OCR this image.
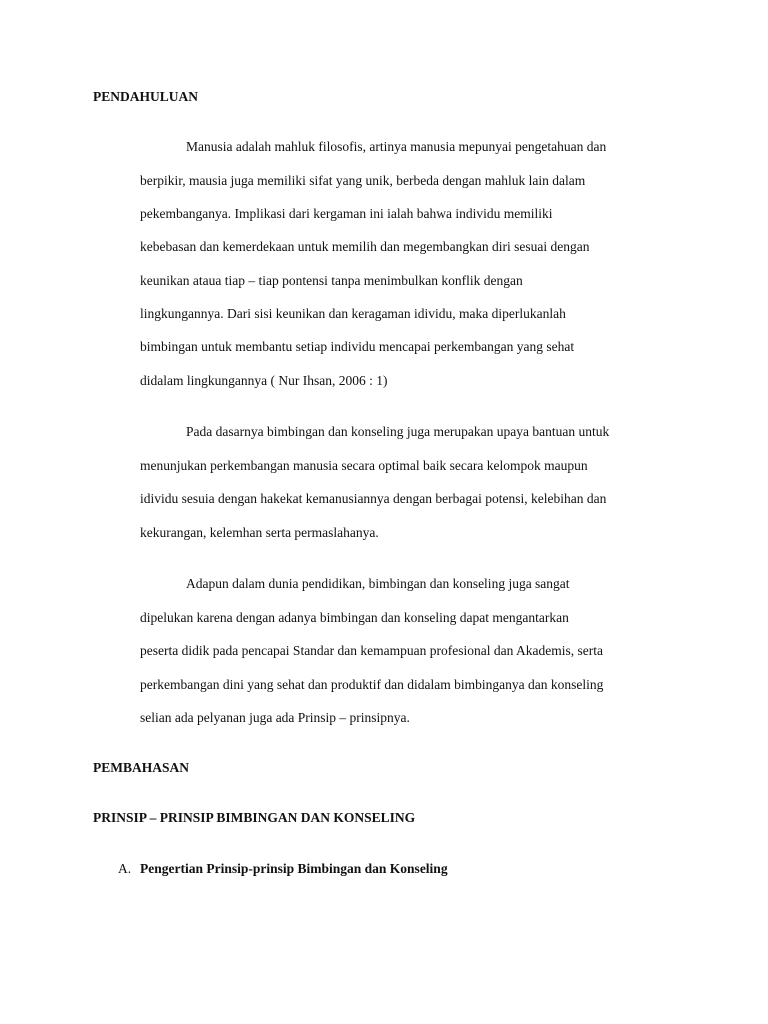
PENDAHULUAN
Manusia adalah mahluk filosofis, artinya manusia mepunyai pengetahuan dan
berpikir, mausia juga memiliki sifat yang unik, berbeda dengan mahluk lain dalam
pekembanganya. Implikasi dari kergaman ini ialah bahwa individu memiliki
kebebasan dan kemerdekaan untuk memilih dan megembangkan diri sesuai dengan
keunikan ataua tiap – tiap pontensi tanpa menimbulkan konflik dengan
lingkungannya. Dari sisi keunikan dan keragaman idividu, maka diperlukanlah
bimbingan untuk membantu setiap individu mencapai perkembangan yang sehat
didalam lingkungannya ( Nur Ihsan, 2006 : 1)
Pada dasarnya bimbingan dan konseling juga merupakan upaya bantuan untuk
menunjukan perkembangan manusia secara optimal baik secara kelompok maupun
idividu sesuia dengan hakekat kemanusiannya dengan berbagai potensi, kelebihan dan
kekurangan, kelemhan serta permaslahanya.
Adapun dalam dunia pendidikan, bimbingan dan konseling juga sangat
dipelukan karena dengan adanya bimbingan dan konseling dapat mengantarkan
peserta didik pada pencapai Standar dan kemampuan profesional dan Akademis, serta
perkembangan dini yang sehat dan produktif dan didalam bimbinganya dan konseling
selian ada pelyanan juga ada Prinsip – prinsipnya.
PEMBAHASAN
PRINSIP – PRINSIP BIMBINGAN DAN KONSELING
A. Pengertian Prinsip-prinsip Bimbingan dan Konseling
